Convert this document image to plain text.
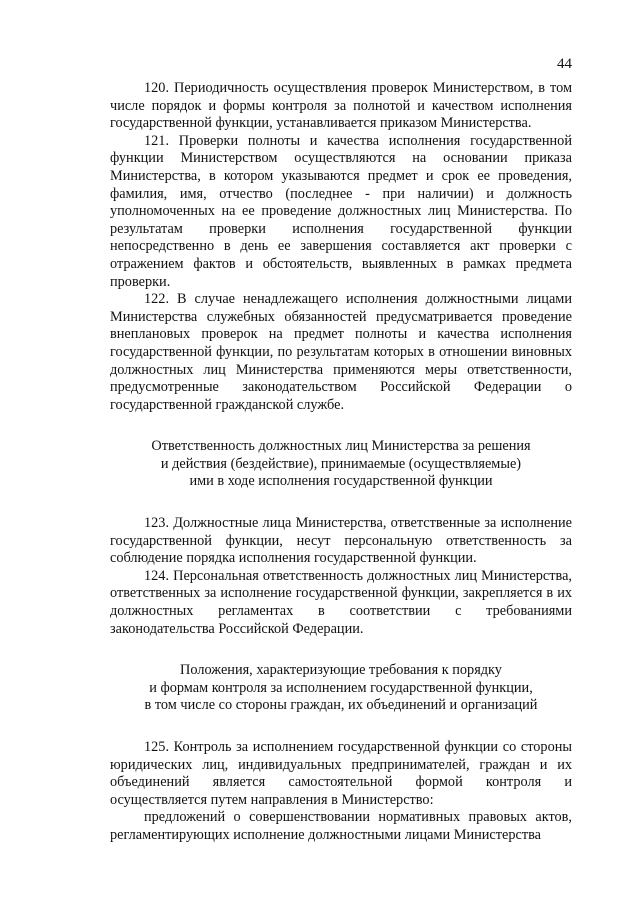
44

120. Периодичность осуществления проверок Министерством, в том числе порядок и формы контроля за полнотой и качеством исполнения государственной функции, устанавливается приказом Министерства.

121. Проверки полноты и качества исполнения государственной функции Министерством осуществляются на основании приказа Министерства, в котором указываются предмет и срок ее проведения, фамилия, имя, отчество (последнее - при наличии) и должность уполномоченных на ее проведение должностных лиц Министерства. По результатам проверки исполнения государственной функции непосредственно в день ее завершения составляется акт проверки с отражением фактов и обстоятельств, выявленных в рамках предмета проверки.

122. В случае ненадлежащего исполнения должностными лицами Министерства служебных обязанностей предусматривается проведение внеплановых проверок на предмет полноты и качества исполнения государственной функции, по результатам которых в отношении виновных должностных лиц Министерства применяются меры ответственности, предусмотренные законодательством Российской Федерации о государственной гражданской службе.

Ответственность должностных лиц Министерства за решения
и действия (бездействие), принимаемые (осуществляемые)
ими в ходе исполнения государственной функции

123. Должностные лица Министерства, ответственные за исполнение государственной функции, несут персональную ответственность за соблюдение порядка исполнения государственной функции.

124. Персональная ответственность должностных лиц Министерства, ответственных за исполнение государственной функции, закрепляется в их должностных регламентах в соответствии с требованиями законодательства Российской Федерации.

Положения, характеризующие требования к порядку
и формам контроля за исполнением государственной функции,
в том числе со стороны граждан, их объединений и организаций

125. Контроль за исполнением государственной функции со стороны юридических лиц, индивидуальных предпринимателей, граждан и их объединений является самостоятельной формой контроля и осуществляется путем направления в Министерство:

предложений о совершенствовании нормативных правовых актов, регламентирующих исполнение должностными лицами Министерства
